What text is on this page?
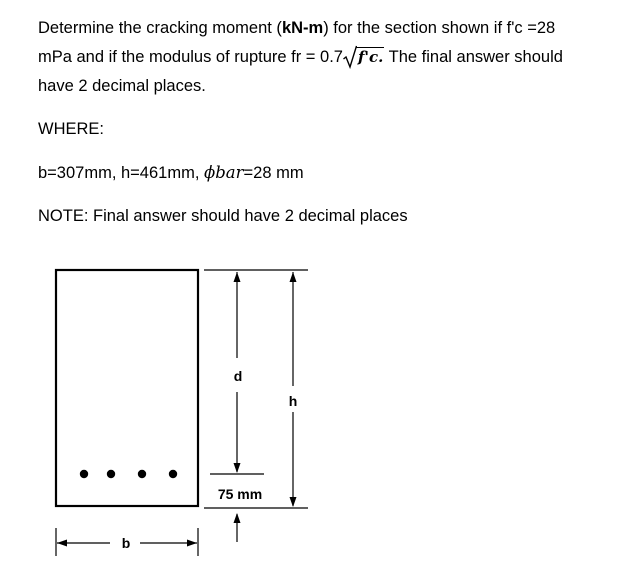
Determine the cracking moment (kN-m) for the section shown if f'c =28
mPa and if the modulus of rupture fr = 0.7 f'c. The final answer should
have 2 decimal places.

WHERE:

b=307mm, h=461mm, ϕbar=28 mm

NOTE: Final answer should have 2 decimal places

d
h
75 mm
b
